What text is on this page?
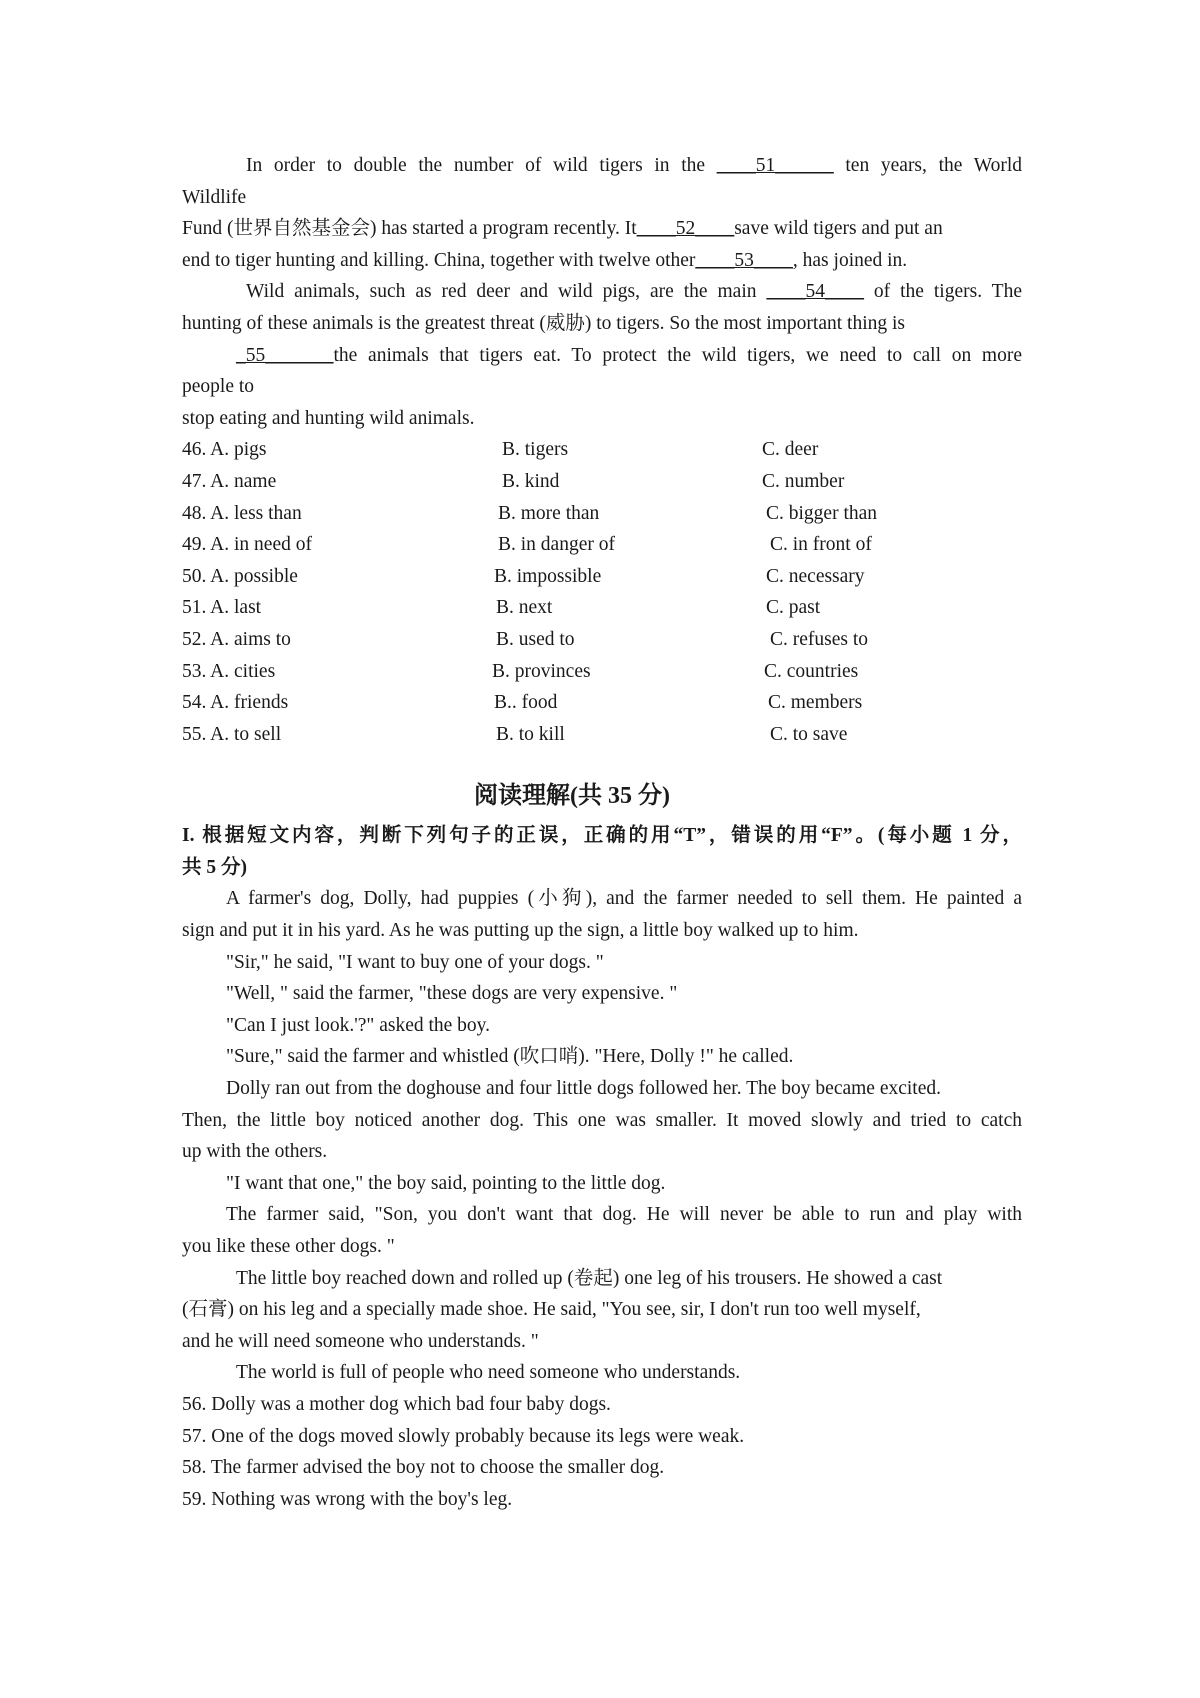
In order to double the number of wild tigers in the ____51______ ten years, the World
Wildlife
Fund (世界自然基金会) has started a program recently. It____52____save wild tigers and put an
end to tiger hunting and killing. China, together with twelve other____53____, has joined in.
Wild animals, such as red deer and wild pigs, are the main ____54____ of the tigers. The
hunting of these animals is the greatest threat (威胁) to tigers. So the most important thing is
_55_______the animals that tigers eat. To protect the wild tigers, we need to call on more
people to
stop eating and hunting wild animals.
46. A. pigs	B. tigers	C. deer
47. A. name	B. kind	C. number
48. A. less than	B. more than	C. bigger than
49. A. in need of	B. in danger of	C. in front of
50. A. possible	B. impossible	C. necessary
51. A. last	B. next	C. past
52. A. aims to	B. used to	C. refuses to
53. A. cities	B. provinces	C. countries
54. A. friends	B.. food	C. members
55. A. to sell	B. to kill	C. to save
阅读理解(共 35 分)
I. 根据短文内容，判断下列句子的正误，正确的用“T”，错误的用“F”。(每小题 1 分，
共 5 分)
A farmer's dog, Dolly, had puppies (小狗), and the farmer needed to sell them. He painted a
sign and put it in his yard. As he was putting up the sign, a little boy walked up to him.
"Sir," he said, "I want to buy one of your dogs. "
"Well, " said the farmer, "these dogs are very expensive. "
"Can I just look.'?" asked the boy.
"Sure," said the farmer and whistled (吹口哨). "Here, Dolly !" he called.
Dolly ran out from the doghouse and four little dogs followed her. The boy became excited.
Then, the little boy noticed another dog. This one was smaller. It moved slowly and tried to catch
up with the others.
"I want that one," the boy said, pointing to the little dog.
The farmer said, "Son, you don't want that dog. He will never be able to run and play with
you like these other dogs. "
The little boy reached down and rolled up (卷起) one leg of his trousers. He showed a cast
(石膏) on his leg and a specially made shoe. He said, "You see, sir, I don't run too well myself,
and he will need someone who understands. "
The world is full of people who need someone who understands.
56. Dolly was a mother dog which bad four baby dogs.
57. One of the dogs moved slowly probably because its legs were weak.
58. The farmer advised the boy not to choose the smaller dog.
59. Nothing was wrong with the boy's leg.
